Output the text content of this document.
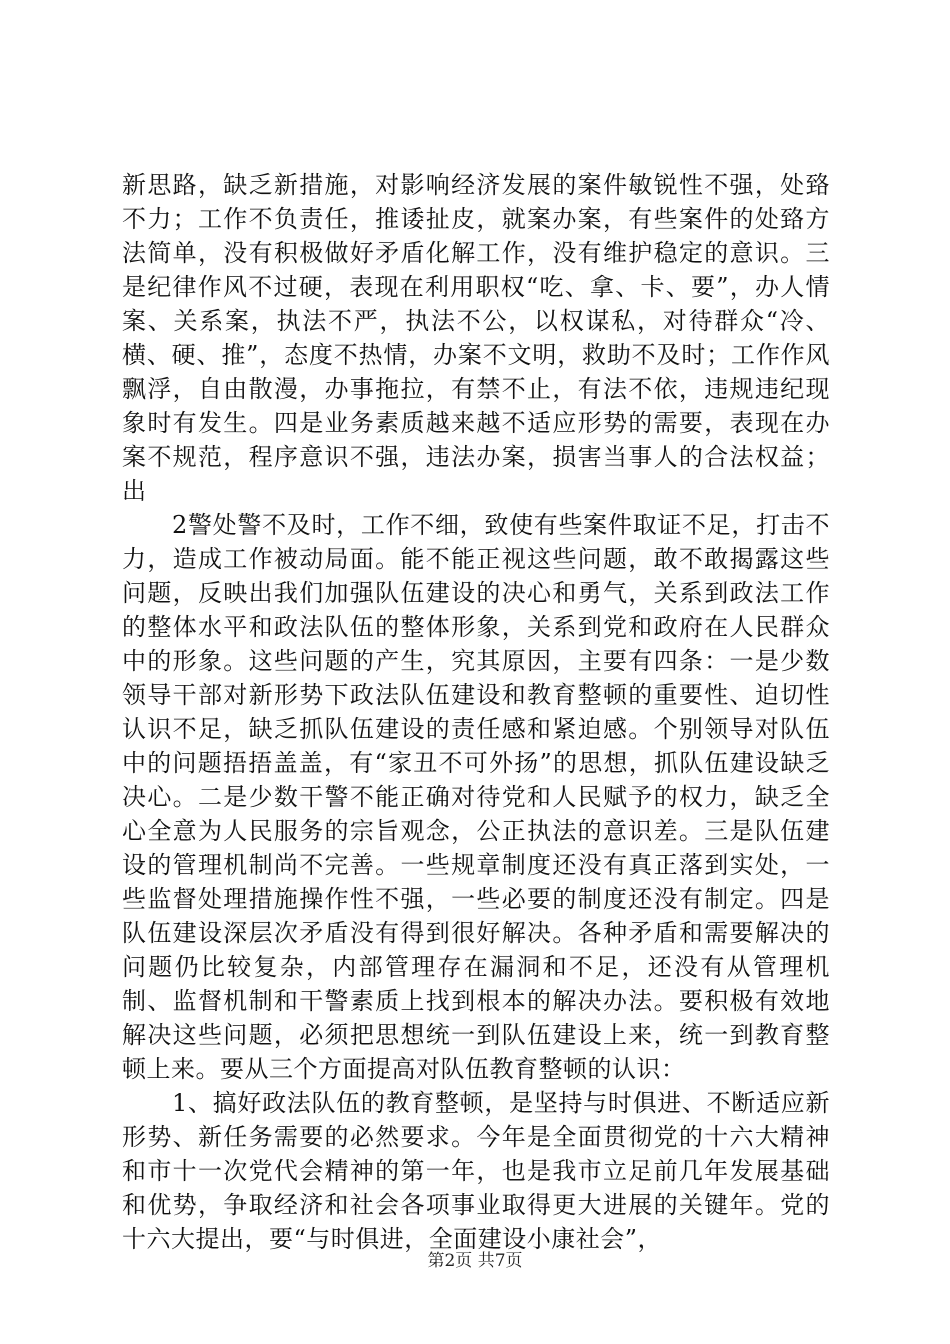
新思路，缺乏新措施，对影响经济发展的案件敏锐性不强，处臵不力；工作不负责任，推诿扯皮，就案办案，有些案件的处臵方法简单，没有积极做好矛盾化解工作，没有维护稳定的意识。三是纪律作风不过硬，表现在利用职权“吃、拿、卡、要”，办人情案、关系案，执法不严，执法不公，以权谋私，对待群众“冷、横、硬、推”，态度不热情，办案不文明，救助不及时；工作作风飘浮，自由散漫，办事拖拉，有禁不止，有法不依，违规违纪现象时有发生。四是业务素质越来越不适应形势的需要，表现在办案不规范，程序意识不强，违法办案，损害当事人的合法权益；出

2警处警不及时，工作不细，致使有些案件取证不足，打击不力，造成工作被动局面。能不能正视这些问题，敢不敢揭露这些问题，反映出我们加强队伍建设的决心和勇气，关系到政法工作的整体水平和政法队伍的整体形象，关系到党和政府在人民群众中的形象。这些问题的产生，究其原因，主要有四条：一是少数领导干部对新形势下政法队伍建设和教育整顿的重要性、迫切性认识不足，缺乏抓队伍建设的责任感和紧迫感。个别领导对队伍中的问题捂捂盖盖，有“家丑不可外扬”的思想，抓队伍建设缺乏决心。二是少数干警不能正确对待党和人民赋予的权力，缺乏全心全意为人民服务的宗旨观念，公正执法的意识差。三是队伍建设的管理机制尚不完善。一些规章制度还没有真正落到实处，一些监督处理措施操作性不强，一些必要的制度还没有制定。四是队伍建设深层次矛盾没有得到很好解决。各种矛盾和需要解决的问题仍比较复杂，内部管理存在漏洞和不足，还没有从管理机制、监督机制和干警素质上找到根本的解决办法。要积极有效地解决这些问题，必须把思想统一到队伍建设上来，统一到教育整顿上来。要从三个方面提高对队伍教育整顿的认识：

1、搞好政法队伍的教育整顿，是坚持与时俱进、不断适应新形势、新任务需要的必然要求。今年是全面贯彻党的十六大精神和市十一次党代会精神的第一年，也是我市立足前几年发展基础和优势，争取经济和社会各项事业取得更大进展的关键年。党的十六大提出，要“与时俱进，全面建设小康社会”，

第2页 共7页
